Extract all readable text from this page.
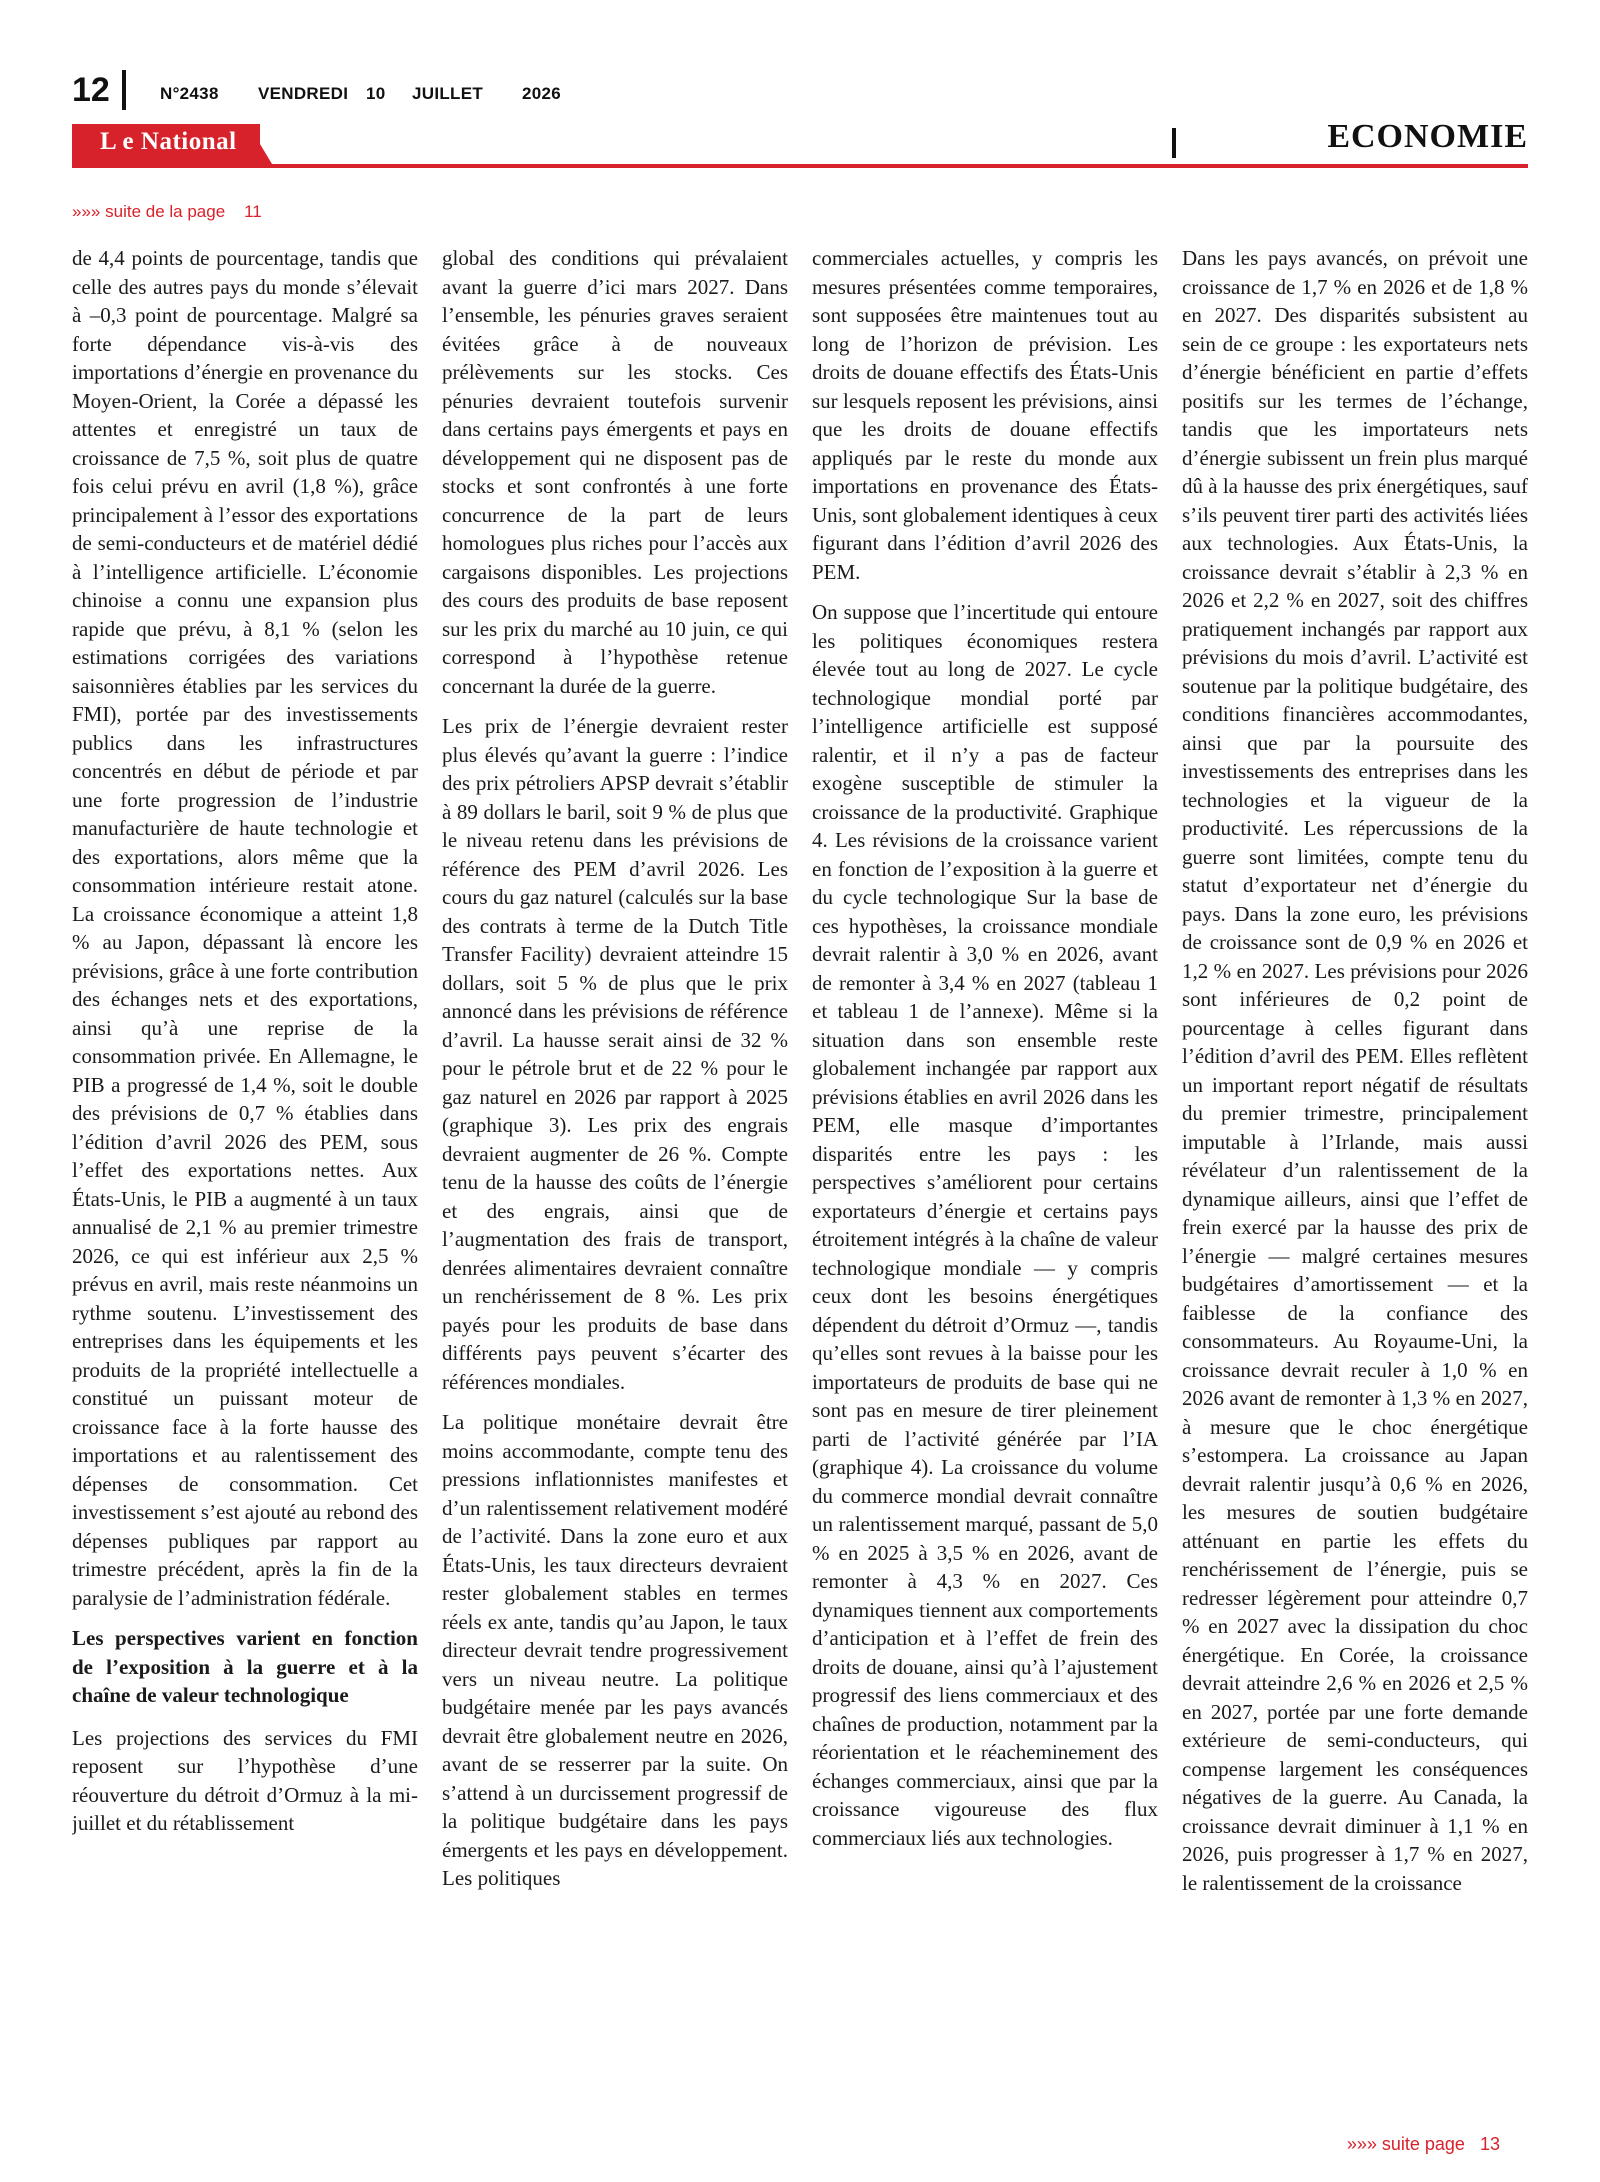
12	N°2438 VENDREDI 10 JUILLET 2026
L e National	ECONOMIE
»»» suite de la page 11

de 4,4 points de pourcentage, tandis que celle des autres pays du monde s’élevait à –0,3 point de pourcentage. Malgré sa forte dépendance vis-à-vis des importations d’énergie en provenance du Moyen-Orient, la Corée a dépassé les attentes et enregistré un taux de croissance de 7,5 %, soit plus de quatre fois celui prévu en avril (1,8 %), grâce principalement à l’essor des exportations de semi-conducteurs et de matériel dédié à l’intelligence artificielle. L’économie chinoise a connu une expansion plus rapide que prévu, à 8,1 % (selon les estimations corrigées des variations saisonnières établies par les services du FMI), portée par des investissements publics dans les infrastructures concentrés en début de période et par une forte progression de l’industrie manufacturière de haute technologie et des exportations, alors même que la consommation intérieure restait atone. La croissance économique a atteint 1,8 % au Japon, dépassant là encore les prévisions, grâce à une forte contribution des échanges nets et des exportations, ainsi qu’à une reprise de la consommation privée. En Allemagne, le PIB a progressé de 1,4 %, soit le double des prévisions de 0,7 % établies dans l’édition d’avril 2026 des PEM, sous l’effet des exportations nettes. Aux États-Unis, le PIB a augmenté à un taux annualisé de 2,1 % au premier trimestre 2026, ce qui est inférieur aux 2,5 % prévus en avril, mais reste néanmoins un rythme soutenu. L’investissement des entreprises dans les équipements et les produits de la propriété intellectuelle a constitué un puissant moteur de croissance face à la forte hausse des importations et au ralentissement des dépenses de consommation. Cet investissement s’est ajouté au rebond des dépenses publiques par rapport au trimestre précédent, après la fin de la paralysie de l’administration fédérale.

Les perspectives varient en fonction de l’exposition à la guerre et à la chaîne de valeur technologique

Les projections des services du FMI reposent sur l’hypothèse d’une réouverture du détroit d’Ormuz à la mi-juillet et du rétablissement

global des conditions qui prévalaient avant la guerre d’ici mars 2027. Dans l’ensemble, les pénuries graves seraient évitées grâce à de nouveaux prélèvements sur les stocks. Ces pénuries devraient toutefois survenir dans certains pays émergents et pays en développement qui ne disposent pas de stocks et sont confrontés à une forte concurrence de la part de leurs homologues plus riches pour l’accès aux cargaisons disponibles. Les projections des cours des produits de base reposent sur les prix du marché au 10 juin, ce qui correspond à l’hypothèse retenue concernant la durée de la guerre.

Les prix de l’énergie devraient rester plus élevés qu’avant la guerre : l’indice des prix pétroliers APSP devrait s’établir à 89 dollars le baril, soit 9 % de plus que le niveau retenu dans les prévisions de référence des PEM d’avril 2026. Les cours du gaz naturel (calculés sur la base des contrats à terme de la Dutch Title Transfer Facility) devraient atteindre 15 dollars, soit 5 % de plus que le prix annoncé dans les prévisions de référence d’avril. La hausse serait ainsi de 32 % pour le pétrole brut et de 22 % pour le gaz naturel en 2026 par rapport à 2025 (graphique 3). Les prix des engrais devraient augmenter de 26 %. Compte tenu de la hausse des coûts de l’énergie et des engrais, ainsi que de l’augmentation des frais de transport, denrées alimentaires devraient connaître un renchérissement de 8 %. Les prix payés pour les produits de base dans différents pays peuvent s’écarter des références mondiales.

La politique monétaire devrait être moins accommodante, compte tenu des pressions inflationnistes manifestes et d’un ralentissement relativement modéré de l’activité. Dans la zone euro et aux États-Unis, les taux directeurs devraient rester globalement stables en termes réels ex ante, tandis qu’au Japon, le taux directeur devrait tendre progressivement vers un niveau neutre. La politique budgétaire menée par les pays avancés devrait être globalement neutre en 2026, avant de se resserrer par la suite. On s’attend à un durcissement progressif de la politique budgétaire dans les pays émergents et les pays en développement. Les politiques

commerciales actuelles, y compris les mesures présentées comme temporaires, sont supposées être maintenues tout au long de l’horizon de prévision. Les droits de douane effectifs des États-Unis sur lesquels reposent les prévisions, ainsi que les droits de douane effectifs appliqués par le reste du monde aux importations en provenance des États-Unis, sont globalement identiques à ceux figurant dans l’édition d’avril 2026 des PEM.

On suppose que l’incertitude qui entoure les politiques économiques restera élevée tout au long de 2027. Le cycle technologique mondial porté par l’intelligence artificielle est supposé ralentir, et il n’y a pas de facteur exogène susceptible de stimuler la croissance de la productivité. Graphique 4. Les révisions de la croissance varient en fonction de l’exposition à la guerre et du cycle technologique Sur la base de ces hypothèses, la croissance mondiale devrait ralentir à 3,0 % en 2026, avant de remonter à 3,4 % en 2027 (tableau 1 et tableau 1 de l’annexe). Même si la situation dans son ensemble reste globalement inchangée par rapport aux prévisions établies en avril 2026 dans les PEM, elle masque d’importantes disparités entre les pays : les perspectives s’améliorent pour certains exportateurs d’énergie et certains pays étroitement intégrés à la chaîne de valeur technologique mondiale — y compris ceux dont les besoins énergétiques dépendent du détroit d’Ormuz —, tandis qu’elles sont revues à la baisse pour les importateurs de produits de base qui ne sont pas en mesure de tirer pleinement parti de l’activité générée par l’IA (graphique 4). La croissance du volume du commerce mondial devrait connaître un ralentissement marqué, passant de 5,0 % en 2025 à 3,5 % en 2026, avant de remonter à 4,3 % en 2027. Ces dynamiques tiennent aux comportements d’anticipation et à l’effet de frein des droits de douane, ainsi qu’à l’ajustement progressif des liens commerciaux et des chaînes de production, notamment par la réorientation et le réacheminement des échanges commerciaux, ainsi que par la croissance vigoureuse des flux commerciaux liés aux technologies.

Dans les pays avancés, on prévoit une croissance de 1,7 % en 2026 et de 1,8 % en 2027. Des disparités subsistent au sein de ce groupe : les exportateurs nets d’énergie bénéficient en partie d’effets positifs sur les termes de l’échange, tandis que les importateurs nets d’énergie subissent un frein plus marqué dû à la hausse des prix énergétiques, sauf s’ils peuvent tirer parti des activités liées aux technologies. Aux États-Unis, la croissance devrait s’établir à 2,3 % en 2026 et 2,2 % en 2027, soit des chiffres pratiquement inchangés par rapport aux prévisions du mois d’avril. L’activité est soutenue par la politique budgétaire, des conditions financières accommodantes, ainsi que par la poursuite des investissements des entreprises dans les technologies et la vigueur de la productivité. Les répercussions de la guerre sont limitées, compte tenu du statut d’exportateur net d’énergie du pays. Dans la zone euro, les prévisions de croissance sont de 0,9 % en 2026 et 1,2 % en 2027. Les prévisions pour 2026 sont inférieures de 0,2 point de pourcentage à celles figurant dans l’édition d’avril des PEM. Elles reflètent un important report négatif de résultats du premier trimestre, principalement imputable à l’Irlande, mais aussi révélateur d’un ralentissement de la dynamique ailleurs, ainsi que l’effet de frein exercé par la hausse des prix de l’énergie — malgré certaines mesures budgétaires d’amortissement — et la faiblesse de la confiance des consommateurs. Au Royaume-Uni, la croissance devrait reculer à 1,0 % en 2026 avant de remonter à 1,3 % en 2027, à mesure que le choc énergétique s’estompera. La croissance au Japan devrait ralentir jusqu’à 0,6 % en 2026, les mesures de soutien budgétaire atténuant en partie les effets du renchérissement de l’énergie, puis se redresser légèrement pour atteindre 0,7 % en 2027 avec la dissipation du choc énergétique. En Corée, la croissance devrait atteindre 2,6 % en 2026 et 2,5 % en 2027, portée par une forte demande extérieure de semi-conducteurs, qui compense largement les conséquences négatives de la guerre. Au Canada, la croissance devrait diminuer à 1,1 % en 2026, puis progresser à 1,7 % en 2027, le ralentissement de la croissance

»»» suite page 13
